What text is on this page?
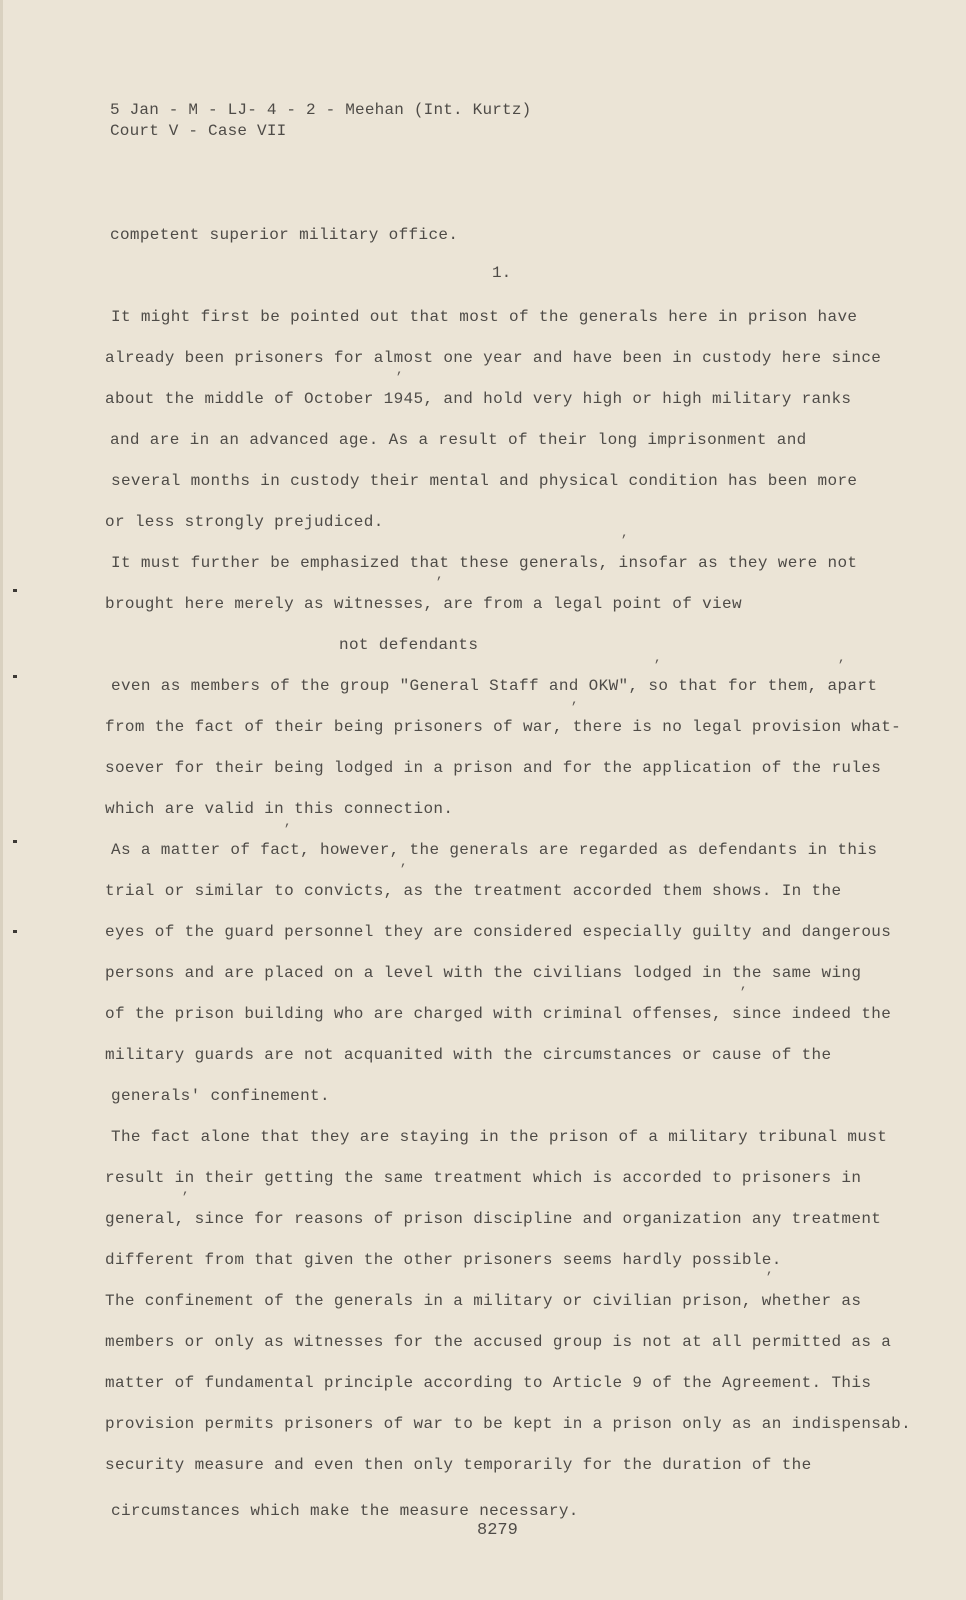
5 Jan - M - LJ- 4 - 2 - Meehan (Int. Kurtz)
Court V - Case VII
competent superior military office.
1.
It might first be pointed out that most of the generals here in prison have
already been prisoners for almost one year and have been in custody here since
about the middle of October 1945, and hold very high or high military ranks
and are in an advanced age. As a result of their long imprisonment and
several months in custody their mental and physical condition has been more
or less strongly prejudiced.
It must further be emphasized that these generals, insofar as they were not
brought here merely as witnesses, are from a legal point of view
not defendants
even as members of the group "General Staff and OKW", so that for them, apart
from the fact of their being prisoners of war, there is no legal provision what-
soever for their being lodged in a prison and for the application of the rules
which are valid in this connection.
As a matter of fact, however, the generals are regarded as defendants in this
trial or similar to convicts, as the treatment accorded them shows. In the
eyes of the guard personnel they are considered especially guilty and dangerous
persons and are placed on a level with the civilians lodged in the same wing
of the prison building who are charged with criminal offenses, since indeed the
military guards are not acquanited with the circumstances or cause of the
generals' confinement.
The fact alone that they are staying in the prison of a military tribunal must
result in their getting the same treatment which is accorded to prisoners in
general, since for reasons of prison discipline and organization any treatment
different from that given the other prisoners seems hardly possible.
The confinement of the generals in a military or civilian prison, whether as
members or only as witnesses for the accused group is not at all permitted as a
matter of fundamental principle according to Article 9 of the Agreement. This
provision permits prisoners of war to be kept in a prison only as an indispensab.
security measure and even then only temporarily for the duration of the
circumstances which make the measure necessary.
8279
’
’
’
’	’
’
’
’
’
’
’
